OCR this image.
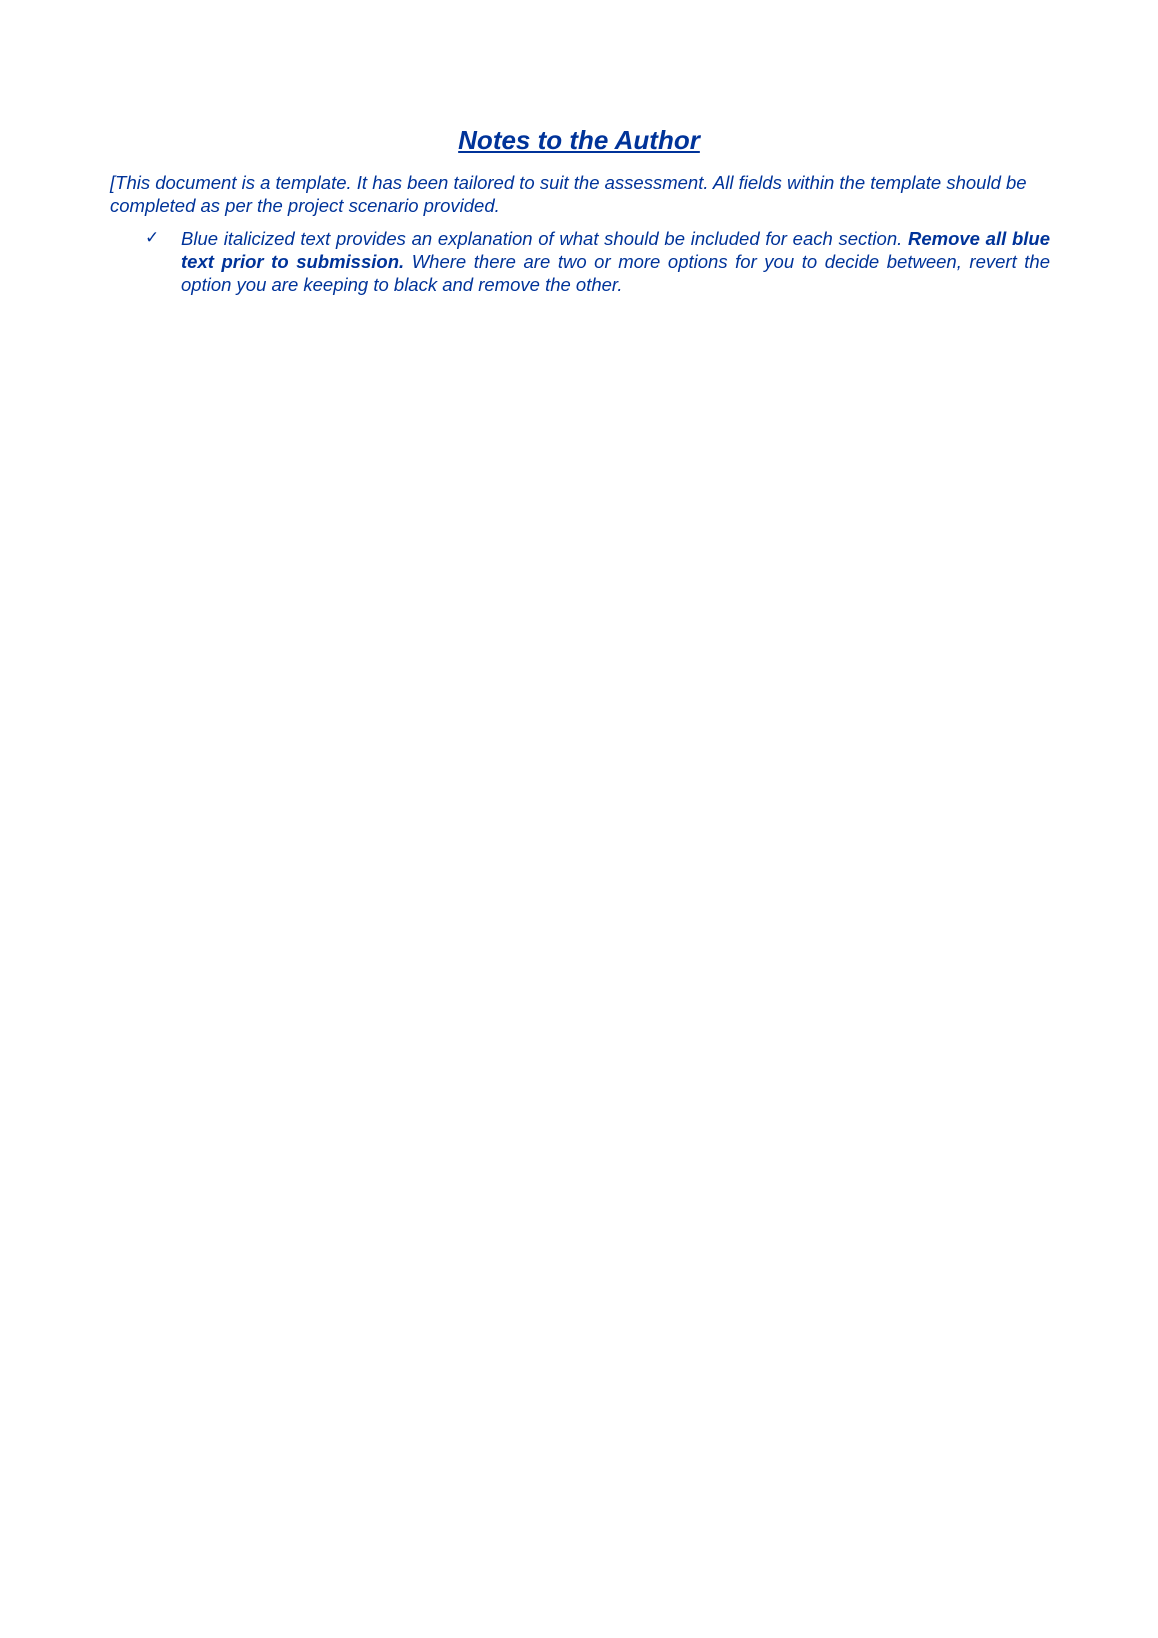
Notes to the Author

[This document is a template. It has been tailored to suit the assessment. All fields within the template should be completed as per the project scenario provided.

✓ Blue italicized text provides an explanation of what should be included for each section. Remove all blue text prior to submission. Where there are two or more options for you to decide between, revert the option you are keeping to black and remove the other.
